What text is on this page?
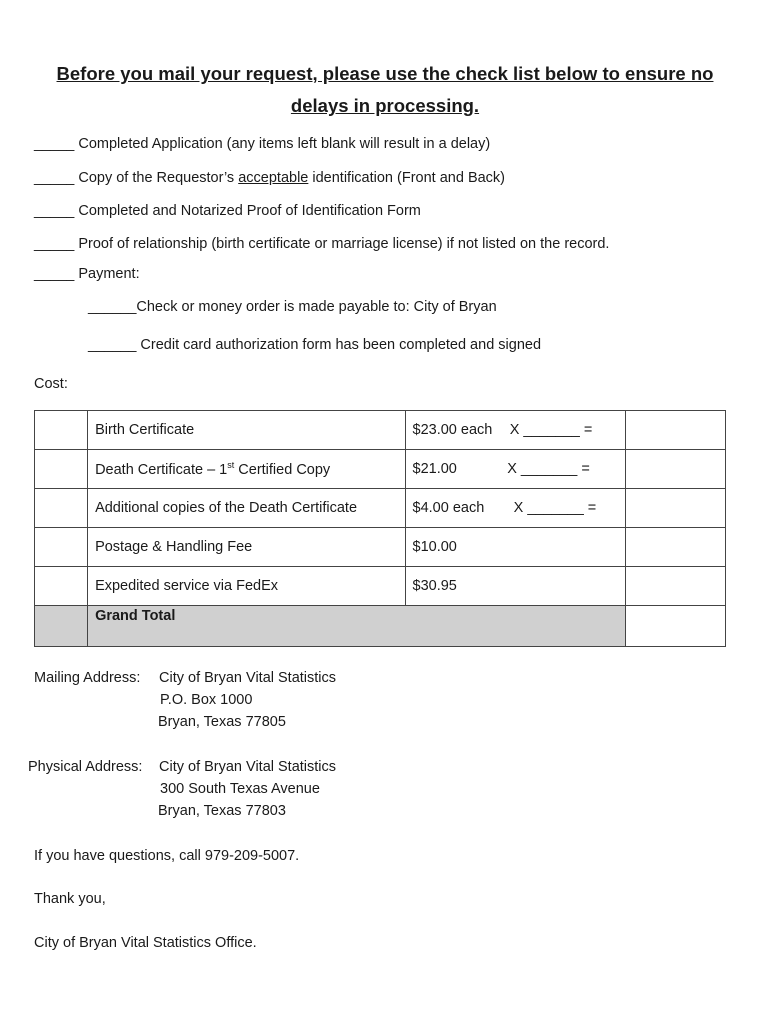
Before you mail your request, please use the check list below to ensure no delays in processing.
_____ Completed Application (any items left blank will result in a delay)
_____ Copy of the Requestor’s acceptable identification (Front and Back)
_____ Completed and Notarized Proof of Identification Form
_____ Proof of relationship (birth certificate or marriage license) if not listed on the record.
_____ Payment:
______Check or money order is made payable to: City of Bryan
______ Credit card authorization form has been completed and signed
Cost:
	Birth Certificate	$23.00 each X _______ =	
	Death Certificate – 1st Certified Copy	$21.00 X _______ =	
	Additional copies of the Death Certificate	$4.00 each X _______ =	
	Postage & Handling Fee	$10.00	
	Expedited service via FedEx	$30.95	
	Grand Total		
Mailing Address: City of Bryan Vital Statistics
P.O. Box 1000
Bryan, Texas 77805
Physical Address: City of Bryan Vital Statistics
300 South Texas Avenue
Bryan, Texas 77803
If you have questions, call 979-209-5007.
Thank you,
City of Bryan Vital Statistics Office.
